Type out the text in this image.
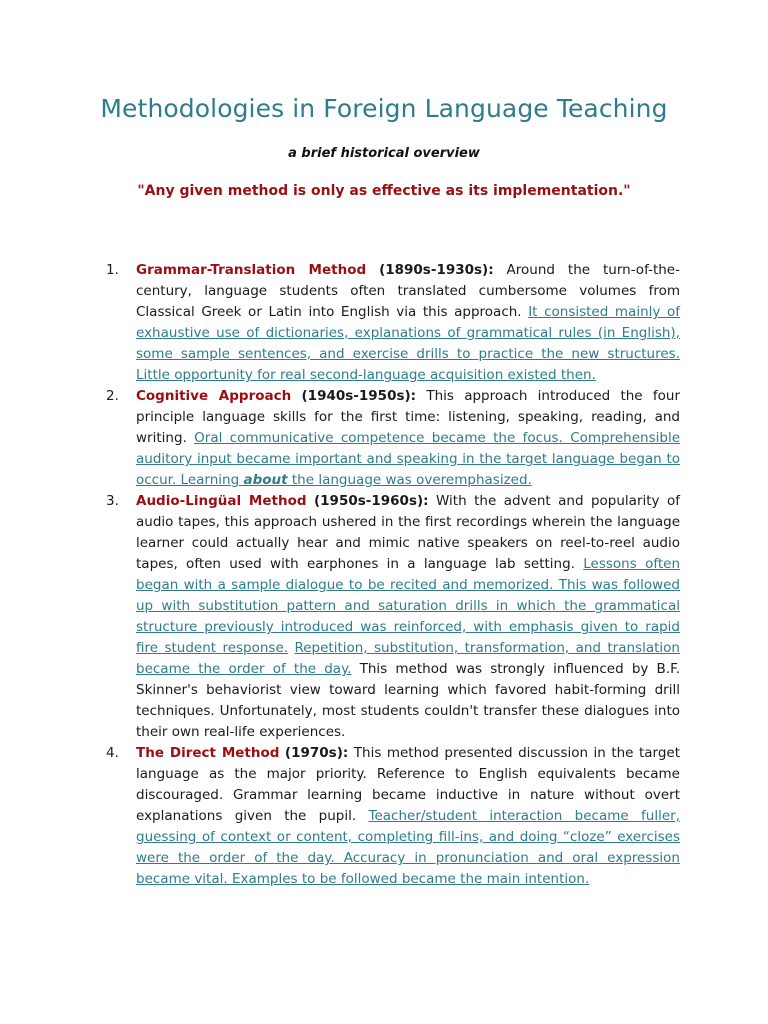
Methodologies in Foreign Language Teaching

a brief historical overview

"Any given method is only as effective as its implementation."

1.	Grammar-Translation Method (1890s-1930s): Around the turn-of-the-century, language students often translated cumbersome volumes from Classical Greek or Latin into English via this approach. It consisted mainly of exhaustive use of dictionaries, explanations of grammatical rules (in English), some sample sentences, and exercise drills to practice the new structures. Little opportunity for real second-language acquisition existed then.
2.	Cognitive Approach (1940s-1950s): This approach introduced the four principle language skills for the first time: listening, speaking, reading, and writing. Oral communicative competence became the focus. Comprehensible auditory input became important and speaking in the target language began to occur. Learning about the language was overemphasized.
3.	Audio-Lingüal Method (1950s-1960s): With the advent and popularity of audio tapes, this approach ushered in the first recordings wherein the language learner could actually hear and mimic native speakers on reel-to-reel audio tapes, often used with earphones in a language lab setting. Lessons often began with a sample dialogue to be recited and memorized. This was followed up with substitution pattern and saturation drills in which the grammatical structure previously introduced was reinforced, with emphasis given to rapid fire student response. Repetition, substitution, transformation, and translation became the order of the day. This method was strongly influenced by B.F. Skinner's behaviorist view toward learning which favored habit-forming drill techniques. Unfortunately, most students couldn't transfer these dialogues into their own real-life experiences.
4.	The Direct Method (1970s): This method presented discussion in the target language as the major priority. Reference to English equivalents became discouraged. Grammar learning became inductive in nature without overt explanations given the pupil. Teacher/student interaction became fuller, guessing of context or content, completing fill-ins, and doing “cloze” exercises were the order of the day. Accuracy in pronunciation and oral expression became vital. Examples to be followed became the main intention.
